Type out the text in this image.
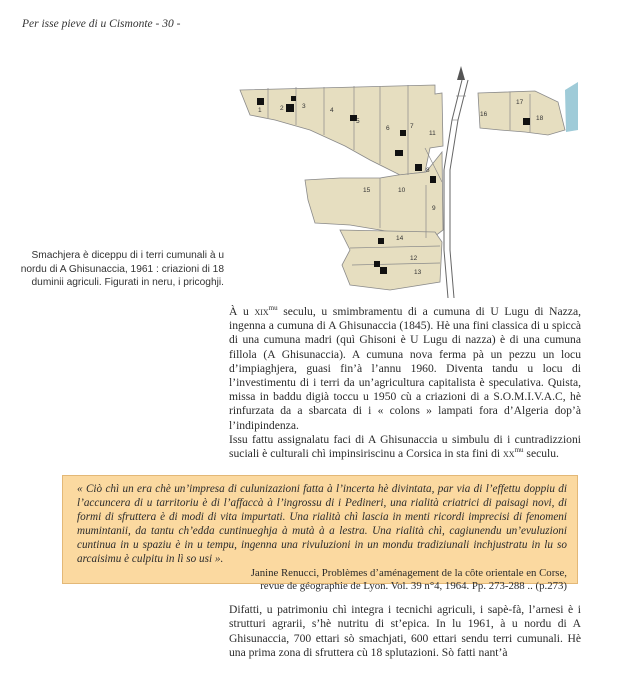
Per isse pieve di u Cismonte - 30 -
1	2	3
4
5
6	7
8
9
10
11
12
13
14
15
16
17
18
Smachjera è diceppu di i terri cumunali à u nordu di A Ghisunaccia, 1961 : criazioni di 18 duminii agriculi. Figurati in neru, i pricoghji.

À u xix$^{mu}$ seculu, u smimbramentu di a cumuna di U Lugu di Nazza, ingenna a cumuna di A Ghisunaccia (1845). Hè una fini classica di u spiccà di una cumuna madri (quì Ghisoni è U Lugu di nazza) è di una cumuna fillola (A Ghisunaccia). A cumuna nova ferma pà un pezzu un locu d’impiaghjera, guasi fin’à l’annu 1960. Diventa tandu u locu di l’investimentu di i terri da un’agricultura capitalista è speculativa. Quista, missa in baddu digià toccu u 1950 cù a criazioni di a S.O.M.I.V.A.C, hè rinfurzata da a sbarcata di i « colons » lampati fora d’Algeria dop’à l’indipindenza.

Issu fattu assignalatu faci di A Ghisunaccia u simbulu di i cuntradizzioni suciali è culturali chì impinsiriscinu a Corsica in sta fini di $xx^{mu}$ seculu.

« Ciò chì un era chè un’impresa di culunizazioni fatta à l’incerta hè divintata, par via di l’effettu doppiu di l’accuncera di u tarritoriu è di l’affaccà à l’ingrossu di i Pedineri, una rialità criatrici di paisagi novi, di formi di sfruttera è di modi di vita impurtati. Una rialità chì lascia in menti ricordi imprecisi di fenomeni mumintanii, da tantu ch’edda cuntinueghja à mutà à a lestra. Una rialità chì, cagiunendu un’evuluzioni cuntinua in u spaziu è in u tempu, ingenna una rivuluzioni in un mondu tradiziunali inchjustratu in lu so arcaisimu è culpitu in lì so usi ».

Janine Renucci, Problèmes d’aménagement de la côte orientale en Corse,

revue de géographie de Lyon. Vol. 39 n°4, 1964. Pp. 273-288 .. (p.273)

Difatti, u patrimoniu chì integra i tecnichi agriculi, i sapè-fà, l’arnesi è i strutturi agrarii, s’hè nutritu di st’epica. In lu 1961, à u nordu di A Ghisunaccia, 700 ettari sò smachjati, 600 ettari sendu terri cumunali. Hè una prima zona di sfruttera cù 18 splutazioni. Sò fatti nant’à
